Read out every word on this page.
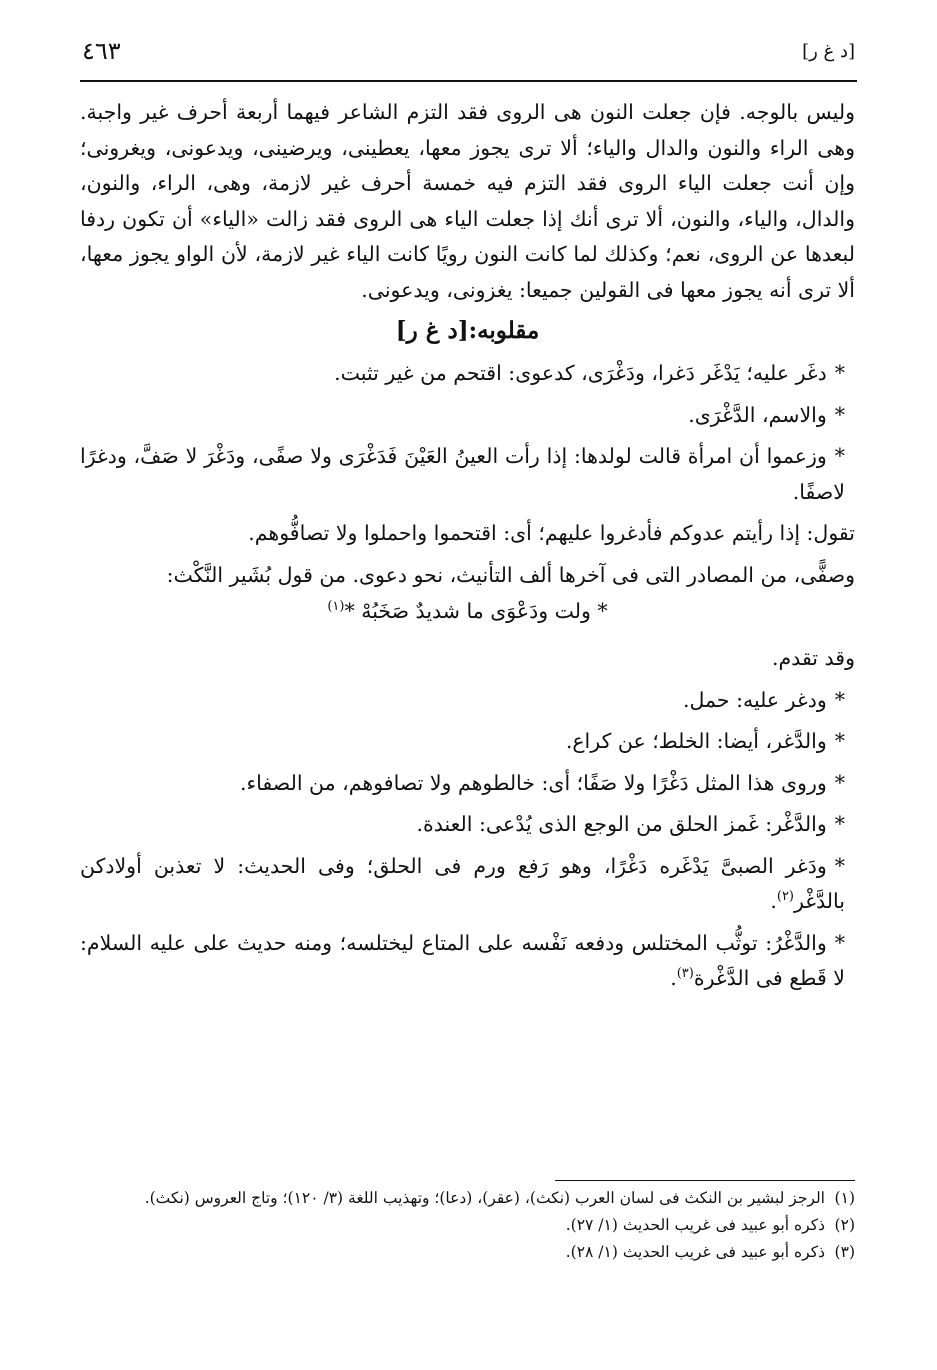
٤٦٣	[د غ ر]

وليس بالوجه. فإن جعلت النون هى الروى فقد التزم الشاعر فيهما أربعة أحرف غير واجبة. وهى الراء والنون والدال والياء؛ ألا ترى يجوز معها، يعطينى، ويرضينى، ويدعونى، ويغرونى؛ وإن أنت جعلت الياء الروى فقد التزم فيه خمسة أحرف غير لازمة، وهى، الراء، والنون، والدال، والياء، والنون، ألا ترى أنك إذا جعلت الياء هى الروى فقد زالت «الياء» أن تكون ردفا لبعدها عن الروى، نعم؛ وكذلك لما كانت النون رويًا كانت الياء غير لازمة، لأن الواو يجوز معها، ألا ترى أنه يجوز معها فى القولين جميعا: يغزونى، ويدعونى.

مقلوبه:[د غ ر]
*دغَر عليه؛ يَدْغَر دَغرا، ودَغْرَى، كدعوى: اقتحم من غير تثبت.
*والاسم، الدَّغْرَى.
*وزعموا أن امرأة قالت لولدها: إذا رأت العينُ العَيْنَ فَدَغْرَى ولا صفًى، ودَغْرَ لا صَفَّ، ودغرًا لاصفًا.
تقول: إذا رأيتم عدوكم فأدغروا عليهم؛ أى: اقتحموا واحملوا ولا تصافُّوهم.
وصفًّى، من المصادر التى فى آخرها ألف التأنيث، نحو دعوى. من قول بُشَير النَّكْث:
* ولت ودَعْوَى ما شديدٌ صَخَبُهْ *$^{(١)}$
وقد تقدم.
*ودغر عليه: حمل.
*والدَّغر، أيضا: الخلط؛ عن كراع.
*وروى هذا المثل دَغْرًا ولا صَفًا؛ أى: خالطوهم ولا تصافوهم، من الصفاء.
*والدَّغْر: غَمز الحلق من الوجع الذى يُدْعى: العندة.
*ودَغر الصبىَّ يَدْغَره دَغْرًا، وهو رَفع ورم فى الحلق؛ وفى الحديث: لا تعذبن أولادكن بالدَّغْر$^{(٢)}$.
*والدَّغْرُ: توثُّب المختلس ودفعه نَفْسه على المتاع ليختلسه؛ ومنه حديث على عليه السلام: لا قَطع فى الدَّغْرة$^{(٣)}$.
(١)
الرجز لبشير بن النكث فى لسان العرب (نكث)، (عقر)، (دعا)؛ وتهذيب اللغة (٣/ ١٢٠)؛ وتاج العروس (نكث).
(٢)
ذكره أبو عبيد فى غريب الحديث (١/ ٢٧).
(٣)
ذكره أبو عبيد فى غريب الحديث (١/ ٢٨).
